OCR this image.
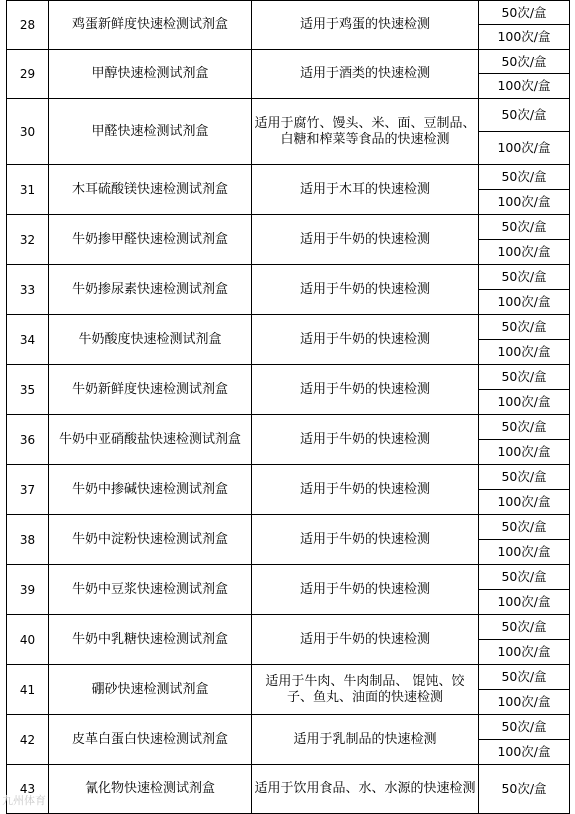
28	鸡蛋新鲜度快速检测试剂盒	适用于鸡蛋的快速检测	50次/盒
			100次/盒
29	甲醇快速检测试剂盒	适用于酒类的快速检测	50次/盒
			100次/盒
30	甲醛快速检测试剂盒	适用于腐竹、馒头、米、面、豆制品、 白糖和榨菜等食品的快速检测	50次/盒
			100次/盒
31	木耳硫酸镁快速检测试剂盒	适用于木耳的快速检测	50次/盒
			100次/盒
32	牛奶掺甲醛快速检测试剂盒	适用于牛奶的快速检测	50次/盒
			100次/盒
33	牛奶掺尿素快速检测试剂盒	适用于牛奶的快速检测	50次/盒
			100次/盒
34	牛奶酸度快速检测试剂盒	适用于牛奶的快速检测	50次/盒
			100次/盒
35	牛奶新鲜度快速检测试剂盒	适用于牛奶的快速检测	50次/盒
			100次/盒
36	牛奶中亚硝酸盐快速检测试剂盒	适用于牛奶的快速检测	50次/盒
			100次/盒
37	牛奶中掺碱快速检测试剂盒	适用于牛奶的快速检测	50次/盒
			100次/盒
38	牛奶中淀粉快速检测试剂盒	适用于牛奶的快速检测	50次/盒
			100次/盒
39	牛奶中豆浆快速检测试剂盒	适用于牛奶的快速检测	50次/盒
			100次/盒
40	牛奶中乳糖快速检测试剂盒	适用于牛奶的快速检测	50次/盒
			100次/盒
41	硼砂快速检测试剂盒	适用于牛肉、牛肉制品、 馄饨、饺子、鱼丸、油面的快速检测	50次/盒
			100次/盒
42	皮革白蛋白快速检测试剂盒	适用于乳制品的快速检测	50次/盒
			100次/盒
43	氰化物快速检测试剂盒	适用于饮用食品、水、水源的快速检测	50次/盒
九州体育
